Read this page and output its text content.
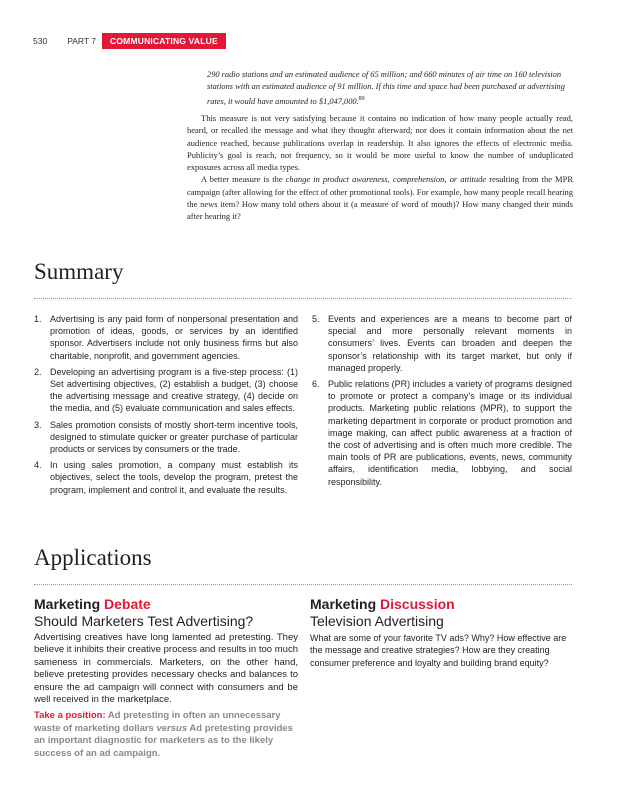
530 PART 7	COMMUNICATING VALUE

290 radio stations and an estimated audience of 65 million; and 660 minutes of air time on 160 television stations with an estimated audience of 91 million. If this time and space had been purchased at advertising rates, it would have amounted to $1,047,000.89

This measure is not very satisfying because it contains no indication of how many people actually read, heard, or recalled the message and what they thought afterward; nor does it contain information about the net audience reached, because publications overlap in readership. It also ignores the effects of electronic media. Publicity’s goal is reach, not frequency, so it would be more useful to know the number of unduplicated exposures across all media types.

A better measure is the change in product awareness, comprehension, or attitude resulting from the MPR campaign (after allowing for the effect of other promotional tools). For example, how many people recall hearing the news item? How many told others about it (a measure of word of mouth)? How many changed their minds after hearing it?

Summary
1. Advertising is any paid form of nonpersonal presentation and promotion of ideas, goods, or services by an identified sponsor. Advertisers include not only business firms but also charitable, nonprofit, and government agencies.
2. Developing an advertising program is a five-step process: (1) Set advertising objectives, (2) establish a budget, (3) choose the advertising message and creative strategy, (4) decide on the media, and (5) evaluate communication and sales effects.
3. Sales promotion consists of mostly short-term incentive tools, designed to stimulate quicker or greater purchase of particular products or services by consumers or the trade.
4. In using sales promotion, a company must establish its objectives, select the tools, develop the program, pretest the program, implement and control it, and evaluate the results.
5. Events and experiences are a means to become part of special and more personally relevant moments in consumers’ lives. Events can broaden and deepen the sponsor’s relationship with its target market, but only if managed properly.
6. Public relations (PR) includes a variety of programs designed to promote or protect a company’s image or its individual products. Marketing public relations (MPR), to support the marketing department in corporate or product promotion and image making, can affect public awareness at a fraction of the cost of advertising and is often much more credible. The main tools of PR are publications, events, news, community affairs, identification media, lobbying, and social responsibility.
Applications
Marketing Debate

Should Marketers Test Advertising?

Advertising creatives have long lamented ad pretesting. They believe it inhibits their creative process and results in too much sameness in commercials. Marketers, on the other hand, believe pretesting provides necessary checks and balances to ensure the ad campaign will connect with consumers and be well received in the marketplace.

Take a position: Ad pretesting in often an unnecessary waste of marketing dollars versus Ad pretesting provides an important diagnostic for marketers as to the likely success of an ad campaign.

Marketing Discussion

Television Advertising

What are some of your favorite TV ads? Why? How effective are the message and creative strategies? How are they creating consumer preference and loyalty and building brand equity?
